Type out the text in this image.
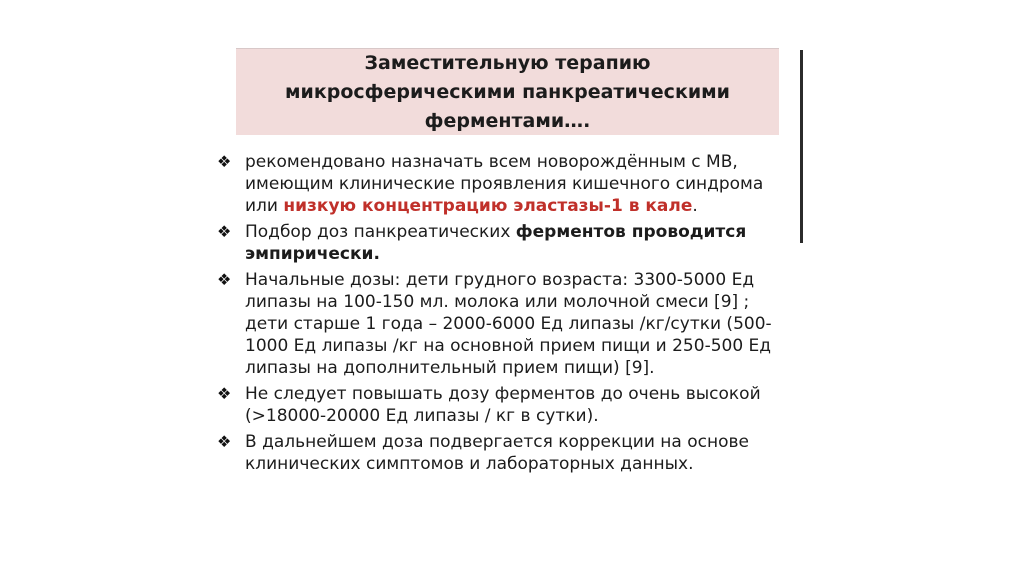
Заместительную терапию
микросферическими панкреатическими
ферментами….
❖ рекомендовано назначать всем новорождённым с МВ,
имеющим клинические проявления кишечного синдрома
или низкую концентрацию эластазы-1 в кале.
❖ Подбор доз панкреатических ферментов проводится
эмпирически.
❖ Начальные дозы: дети грудного возраста: 3300-5000 Ед
липазы на 100-150 мл. молока или молочной смеси [9] ;
дети старше 1 года – 2000-6000 Ед липазы /кг/сутки (500-
1000 Ед липазы /кг на основной прием пищи и 250-500 Ед
липазы на дополнительный прием пищи) [9].
❖ Не следует повышать дозу ферментов до очень высокой
(>18000-20000 Ед липазы / кг в сутки).
❖ В дальнейшем доза подвергается коррекции на основе
клинических симптомов и лабораторных данных.
